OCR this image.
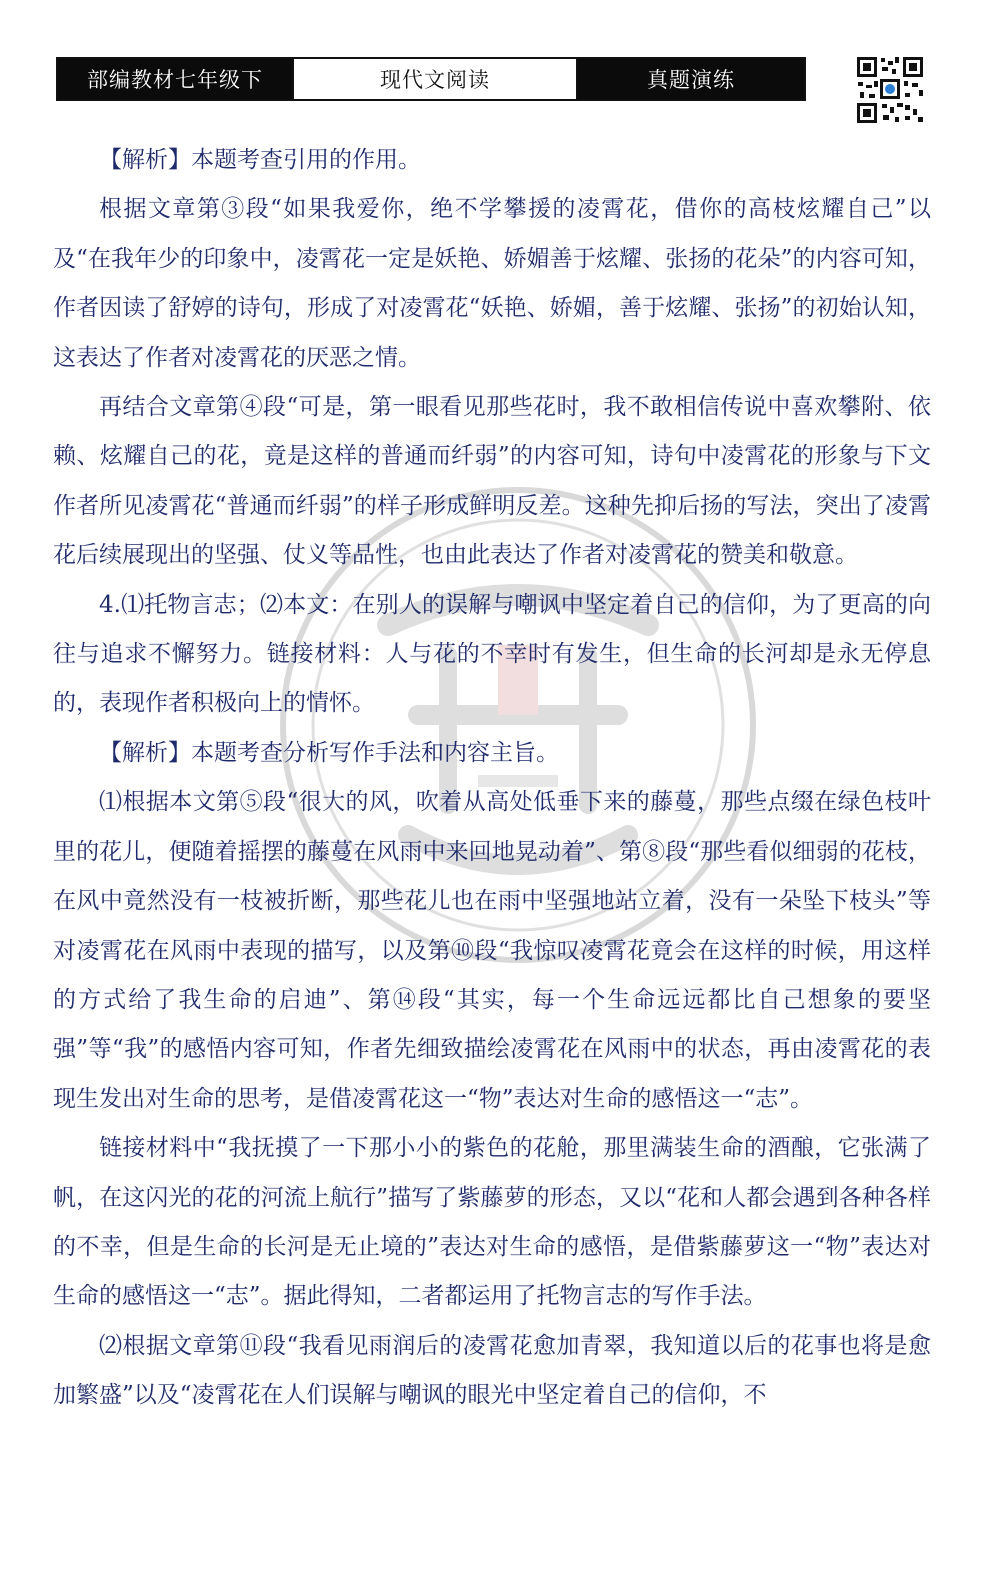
部编教材七年级下	现代文阅读	真题演练

【解析】本题考查引用的作用。

根据文章第③段“如果我爱你，绝不学攀援的凌霄花，借你的高枝炫耀自己”以及“在我年少的印象中，凌霄花一定是妖艳、娇媚善于炫耀、张扬的花朵”的内容可知，作者因读了舒婷的诗句，形成了对凌霄花“妖艳、娇媚，善于炫耀、张扬”的初始认知，这表达了作者对凌霄花的厌恶之情。

再结合文章第④段“可是，第一眼看见那些花时，我不敢相信传说中喜欢攀附、依赖、炫耀自己的花，竟是这样的普通而纤弱”的内容可知，诗句中凌霄花的形象与下文作者所见凌霄花“普通而纤弱”的样子形成鲜明反差。这种先抑后扬的写法，突出了凌霄花后续展现出的坚强、仗义等品性，也由此表达了作者对凌霄花的赞美和敬意。

4.⑴托物言志；⑵本文：在别人的误解与嘲讽中坚定着自己的信仰，为了更高的向往与追求不懈努力。链接材料：人与花的不幸时有发生，但生命的长河却是永无停息的，表现作者积极向上的情怀。

【解析】本题考查分析写作手法和内容主旨。

⑴根据本文第⑤段“很大的风，吹着从高处低垂下来的藤蔓，那些点缀在绿色枝叶里的花儿，便随着摇摆的藤蔓在风雨中来回地晃动着”、第⑧段“那些看似细弱的花枝，在风中竟然没有一枝被折断，那些花儿也在雨中坚强地站立着，没有一朵坠下枝头”等对凌霄花在风雨中表现的描写，以及第⑩段“我惊叹凌霄花竟会在这样的时候，用这样的方式给了我生命的启迪”、第⑭段“其实，每一个生命远远都比自己想象的要坚强”等“我”的感悟内容可知，作者先细致描绘凌霄花在风雨中的状态，再由凌霄花的表现生发出对生命的思考，是借凌霄花这一“物”表达对生命的感悟这一“志”。

链接材料中“我抚摸了一下那小小的紫色的花舱，那里满装生命的酒酿，它张满了帆，在这闪光的花的河流上航行”描写了紫藤萝的形态，又以“花和人都会遇到各种各样的不幸，但是生命的长河是无止境的”表达对生命的感悟，是借紫藤萝这一“物”表达对生命的感悟这一“志”。据此得知，二者都运用了托物言志的写作手法。

⑵根据文章第⑪段“我看见雨润后的凌霄花愈加青翠，我知道以后的花事也将是愈加繁盛”以及“凌霄花在人们误解与嘲讽的眼光中坚定着自己的信仰，不
